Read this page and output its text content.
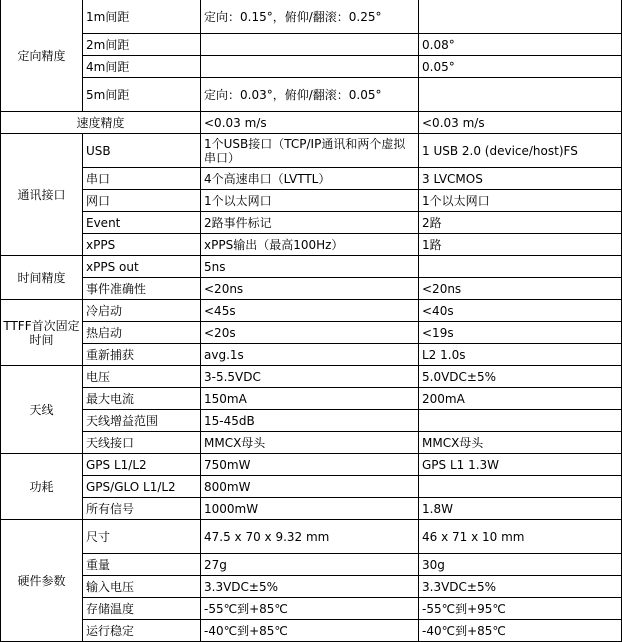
定向精度	1m间距	定向：0.15°，俯仰/翻滚：0.25°	
	2m间距		0.08°
	4m间距		0.05°
	5m间距	定向：0.03°，俯仰/翻滚：0.05°	
速度精度		<0.03 m/s	<0.03 m/s
通讯接口	USB	1个USB接口（TCP/IP通讯和两个虚拟串口）	1 USB 2.0 (device/host)FS
	串口	4个高速串口（LVTTL）	3 LVCMOS
	网口	1个以太网口	1个以太网口
	Event	2路事件标记	2路
	xPPS	xPPS输出（最高100Hz）	1路
时间精度	xPPS out	5ns	
	事件准确性	<20ns	<20ns
TTFF首次固定时间	冷启动	<45s	<40s
	热启动	<20s	<19s
	重新捕获	avg.1s	L2 1.0s
天线	电压	3-5.5VDC	5.0VDC±5%
	最大电流	150mA	200mA
	天线增益范围	15-45dB	
	天线接口	MMCX母头	MMCX母头
功耗	GPS L1/L2	750mW	GPS L1 1.3W
	GPS/GLO L1/L2	800mW	
	所有信号	1000mW	1.8W
硬件参数	尺寸	47.5 x 70 x 9.32 mm	46 x 71 x 10 mm
	重量	27g	30g
	输入电压	3.3VDC±5%	3.3VDC±5%
	存储温度	-55℃到+85℃	-55℃到+95℃
	运行稳定	-40℃到+85℃	-40℃到+85℃
